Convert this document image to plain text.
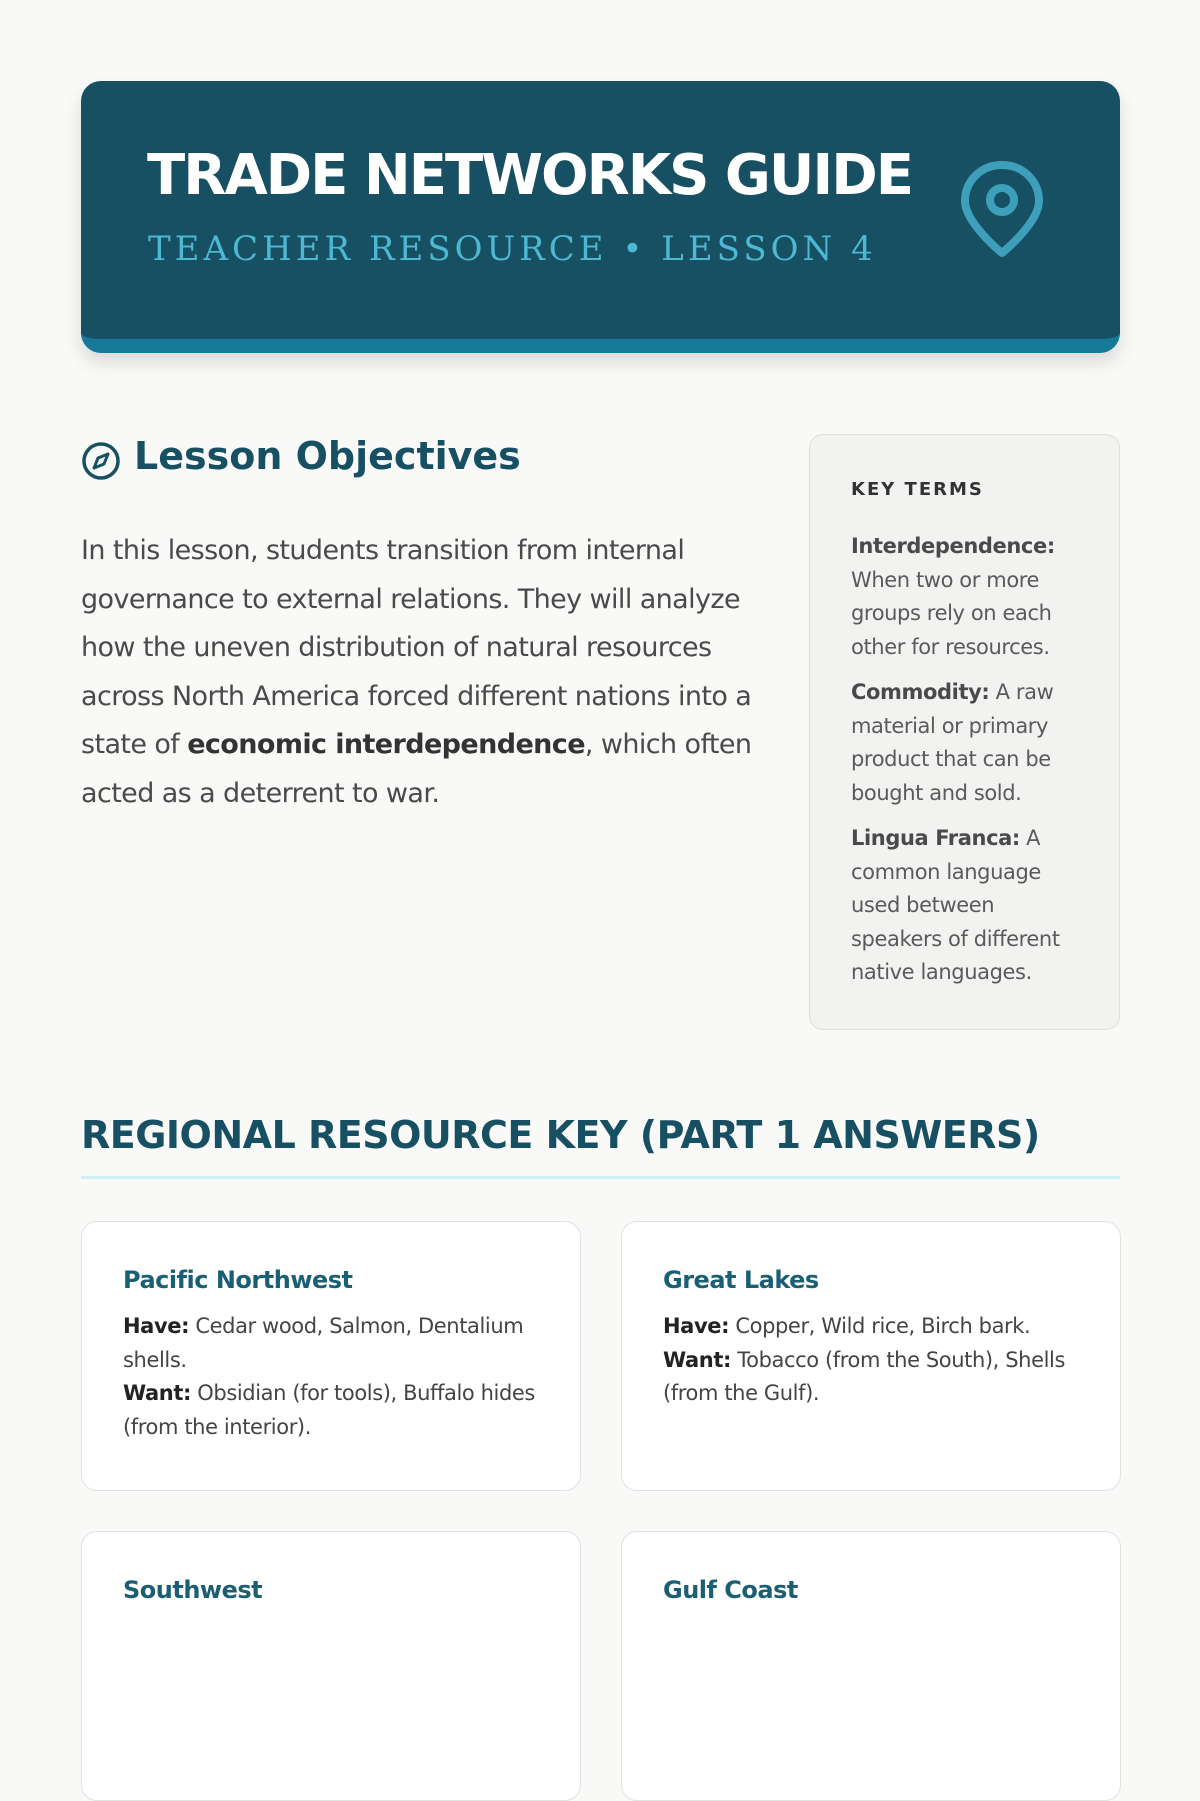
TRADE NETWORKS GUIDE
TEACHER RESOURCE • LESSON 4
Lesson Objectives

In this lesson, students transition from internal governance to external relations. They will analyze how the uneven distribution of natural resources across North America forced different nations into a state of economic interdependence, which often acted as a deterrent to war.

KEY TERMS

Interdependence: When two or more groups rely on each other for resources.

Commodity: A raw material or primary product that can be bought and sold.

Lingua Franca: A common language used between speakers of different native languages.

REGIONAL RESOURCE KEY (PART 1 ANSWERS)
Pacific Northwest

Have: Cedar wood, Salmon, Dentalium shells.
Want: Obsidian (for tools), Buffalo hides (from the interior).

Great Lakes

Have: Copper, Wild rice, Birch bark.
Want: Tobacco (from the South), Shells (from the Gulf).

Southwest	Gulf Coast
